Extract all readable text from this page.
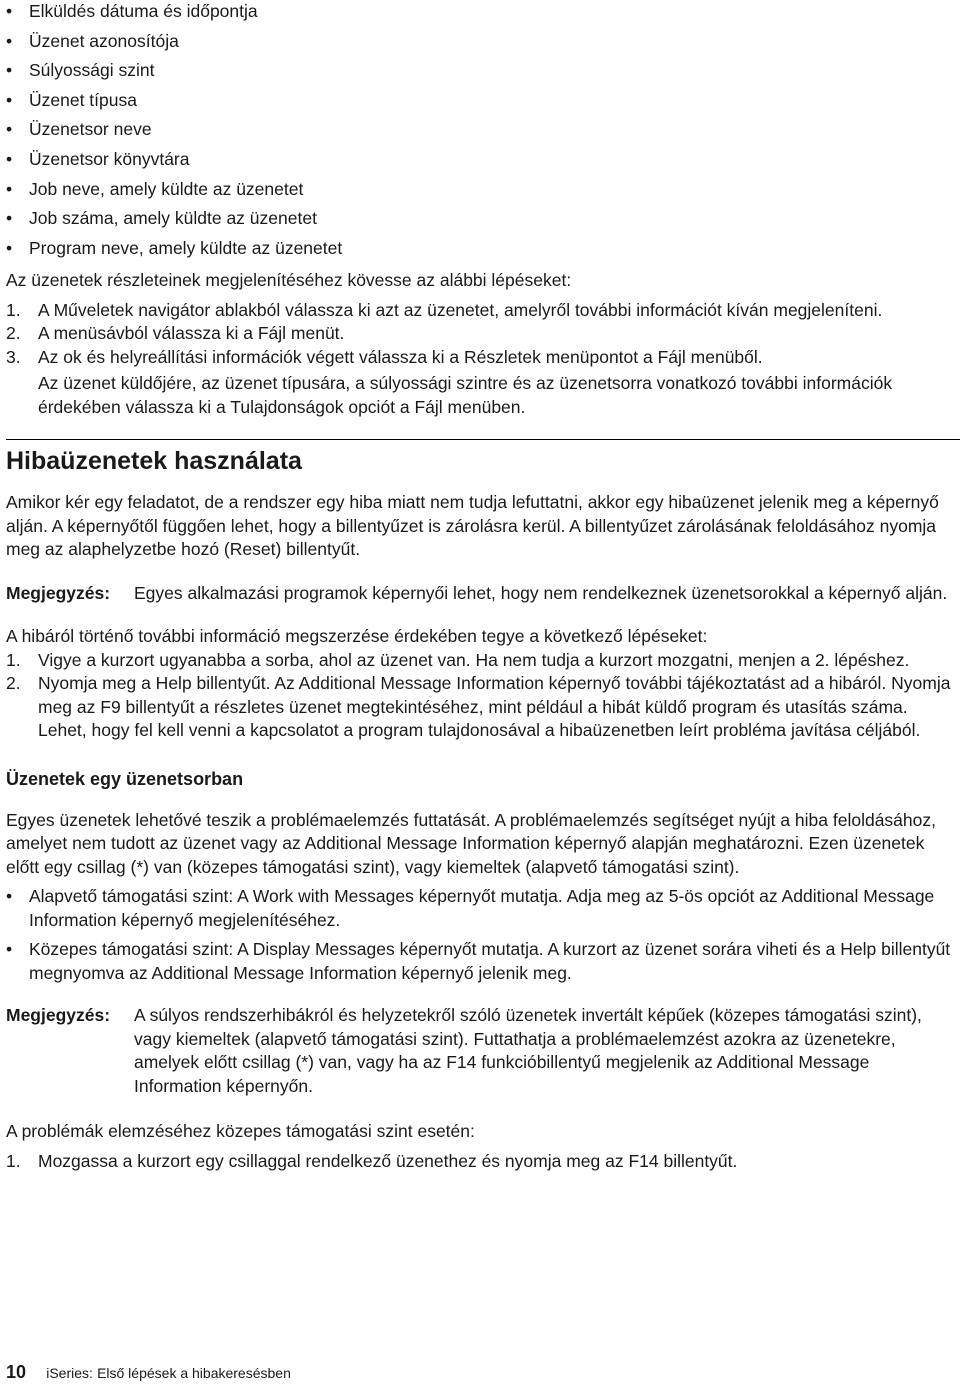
• Elküldés dátuma és időpontja
• Üzenet azonosítója
• Súlyossági szint
• Üzenet típusa
• Üzenetsor neve
• Üzenetsor könyvtára
• Job neve, amely küldte az üzenetet
• Job száma, amely küldte az üzenetet
• Program neve, amely küldte az üzenetet

Az üzenetek részleteinek megjelenítéséhez kövesse az alábbi lépéseket:

1. A Műveletek navigátor ablakból válassza ki azt az üzenetet, amelyről további információt kíván megjeleníteni.
2. A menüsávból válassza ki a Fájl menüt.
3. Az ok és helyreállítási információk végett válassza ki a Részletek menüpontot a Fájl menüből.

Az üzenet küldőjére, az üzenet típusára, a súlyossági szintre és az üzenetsorra vonatkozó további információk érdekében válassza ki a Tulajdonságok opciót a Fájl menüben.

Hibaüzenetek használata

Amikor kér egy feladatot, de a rendszer egy hiba miatt nem tudja lefuttatni, akkor egy hibaüzenet jelenik meg a képernyő alján. A képernyőtől függően lehet, hogy a billentyűzet is zárolásra kerül. A billentyűzet zárolásának feloldásához nyomja meg az alaphelyzetbe hozó (Reset) billentyűt.

Megjegyzés: Egyes alkalmazási programok képernyői lehet, hogy nem rendelkeznek üzenetsorokkal a képernyő alján.

A hibáról történő további információ megszerzése érdekében tegye a következő lépéseket:

1. Vigye a kurzort ugyanabba a sorba, ahol az üzenet van. Ha nem tudja a kurzort mozgatni, menjen a 2. lépéshez.
2. Nyomja meg a Help billentyűt. Az Additional Message Information képernyő további tájékoztatást ad a hibáról. Nyomja meg az F9 billentyűt a részletes üzenet megtekintéséhez, mint például a hibát küldő program és utasítás száma. Lehet, hogy fel kell venni a kapcsolatot a program tulajdonosával a hibaüzenetben leírt probléma javítása céljából.
Üzenetek egy üzenetsorban

Egyes üzenetek lehetővé teszik a problémaelemzés futtatását. A problémaelemzés segítséget nyújt a hiba feloldásához, amelyet nem tudott az üzenet vagy az Additional Message Information képernyő alapján meghatározni. Ezen üzenetek előtt egy csillag (*) van (közepes támogatási szint), vagy kiemeltek (alapvető támogatási szint).

• Alapvető támogatási szint: A Work with Messages képernyőt mutatja. Adja meg az 5-ös opciót az Additional Message Information képernyő megjelenítéséhez.
• Közepes támogatási szint: A Display Messages képernyőt mutatja. A kurzort az üzenet sorára viheti és a Help billentyűt megnyomva az Additional Message Information képernyő jelenik meg.
Megjegyzés: A súlyos rendszerhibákról és helyzetekről szóló üzenetek invertált képűek (közepes támogatási szint), vagy kiemeltek (alapvető támogatási szint). Futtathatja a problémaelemzést azokra az üzenetekre, amelyek előtt csillag (*) van, vagy ha az F14 funkcióbillentyű megjelenik az Additional Message Information képernyőn.

A problémák elemzéséhez közepes támogatási szint esetén:

1. Mozgassa a kurzort egy csillaggal rendelkező üzenethez és nyomja meg az F14 billentyűt.
10 iSeries: Első lépések a hibakeresésben
